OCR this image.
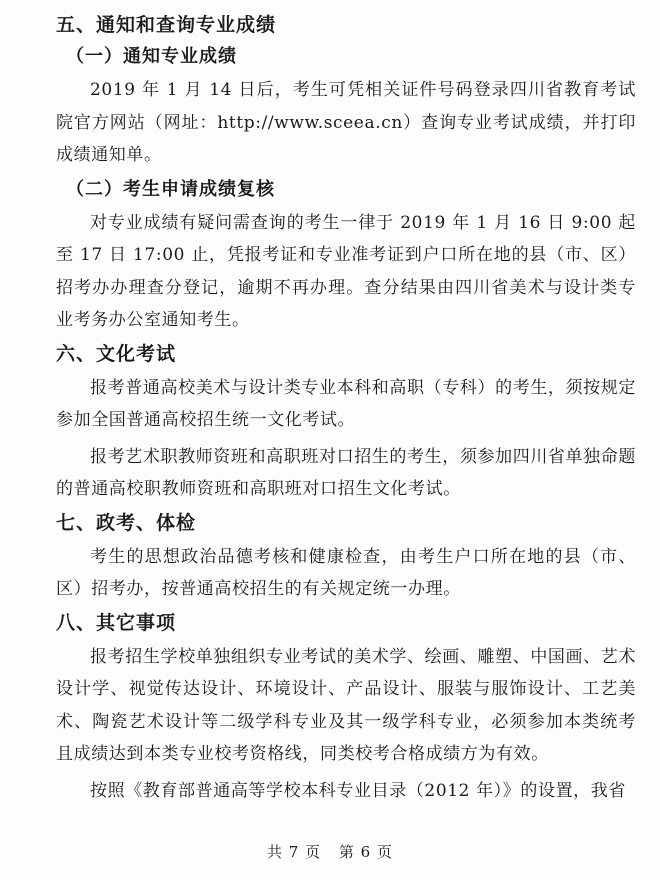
五、通知和查询专业成绩
（一）通知专业成绩

2019 年 1 月 14 日后，考生可凭相关证件号码登录四川省教育考试院官方网站（网址：http://www.sceea.cn）查询专业考试成绩，并打印成绩通知单。

（二）考生申请成绩复核

对专业成绩有疑问需查询的考生一律于 2019 年 1 月 16 日 9:00 起至 17 日 17:00 止，凭报考证和专业准考证到户口所在地的县（市、区）招考办办理查分登记，逾期不再办理。查分结果由四川省美术与设计类专业考务办公室通知考生。

六、文化考试

报考普通高校美术与设计类专业本科和高职（专科）的考生，须按规定参加全国普通高校招生统一文化考试。

报考艺术职教师资班和高职班对口招生的考生，须参加四川省单独命题的普通高校职教师资班和高职班对口招生文化考试。

七、政考、体检

考生的思想政治品德考核和健康检查，由考生户口所在地的县（市、区）招考办，按普通高校招生的有关规定统一办理。

八、其它事项

报考招生学校单独组织专业考试的美术学、绘画、雕塑、中国画、艺术设计学、视觉传达设计、环境设计、产品设计、服装与服饰设计、工艺美术、陶瓷艺术设计等二级学科专业及其一级学科专业，必须参加本类统考且成绩达到本类专业校考资格线，同类校考合格成绩方为有效。

按照《教育部普通高等学校本科专业目录（2012 年）》的设置，我省

共 7 页 第 6 页
